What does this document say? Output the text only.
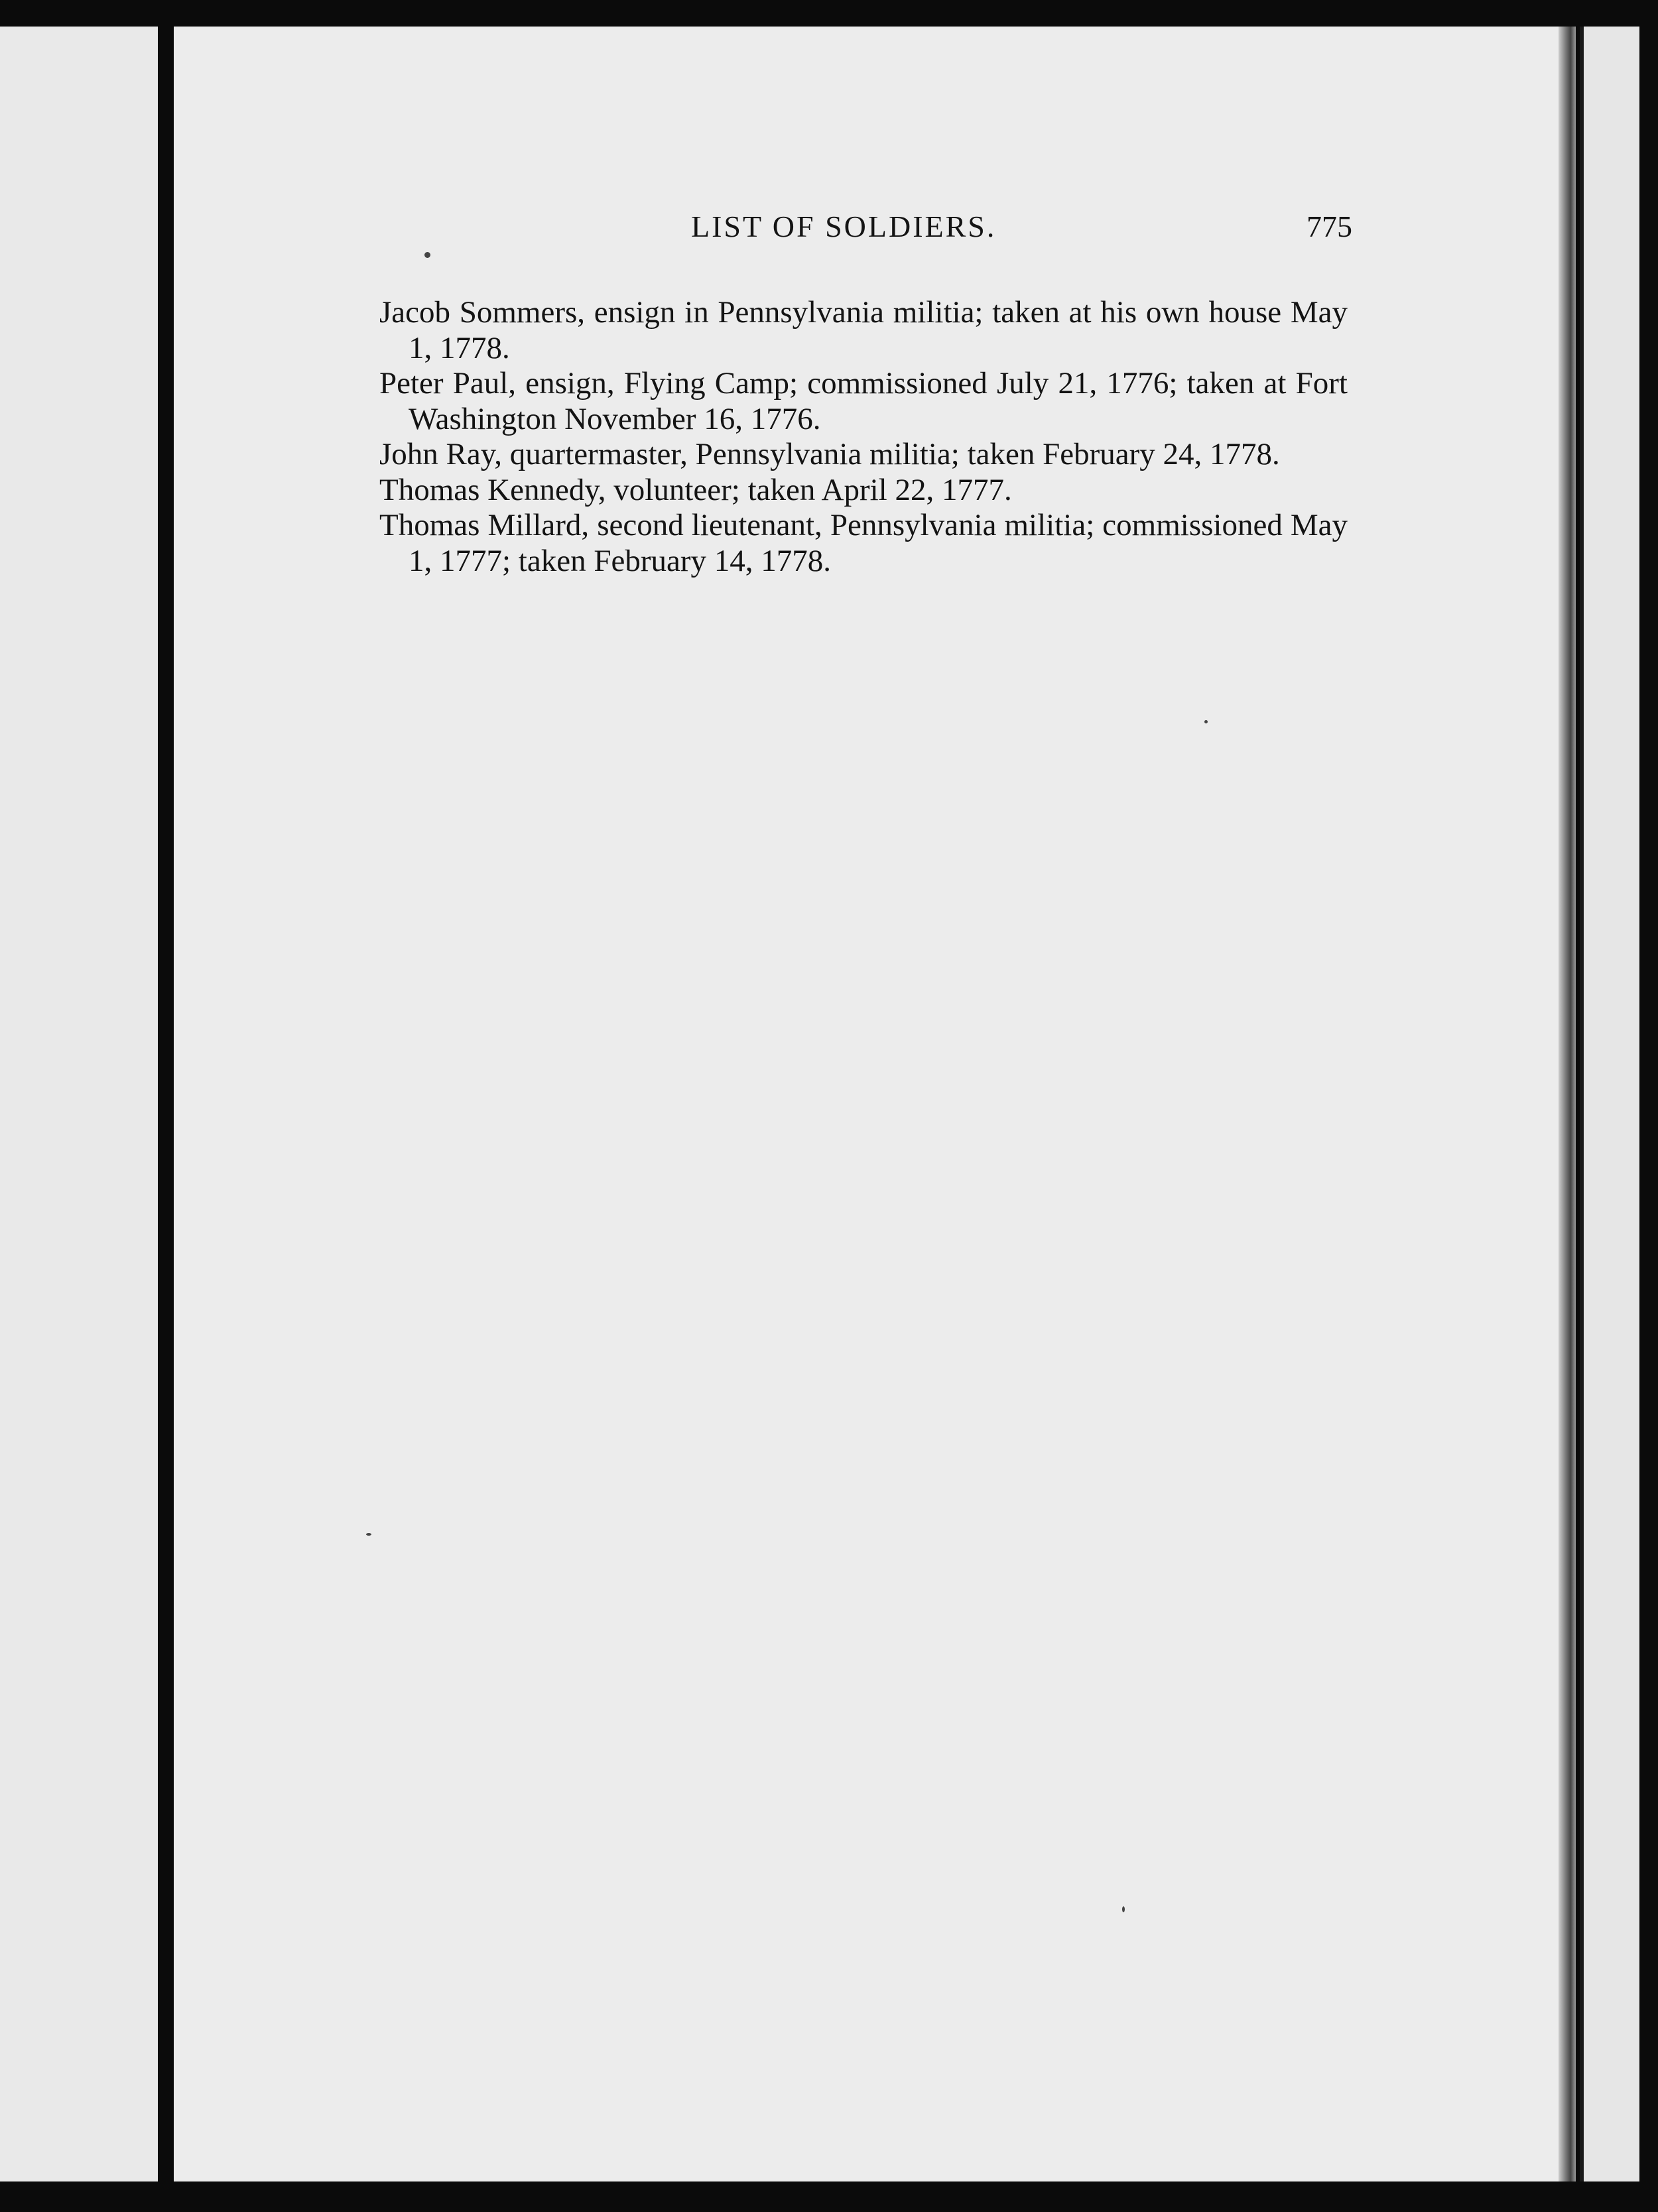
LIST OF SOLDIERS.	775

Jacob Sommers, ensign in Pennsylvania militia; taken at his own house May 1, 1778.

Peter Paul, ensign, Flying Camp; commissioned July 21, 1776; taken at Fort Washington November 16, 1776.

John Ray, quartermaster, Pennsylvania militia; taken February 24, 1778.

Thomas Kennedy, volunteer; taken April 22, 1777.

Thomas Millard, second lieutenant, Pennsylvania militia; commissioned May 1, 1777; taken February 14, 1778.
